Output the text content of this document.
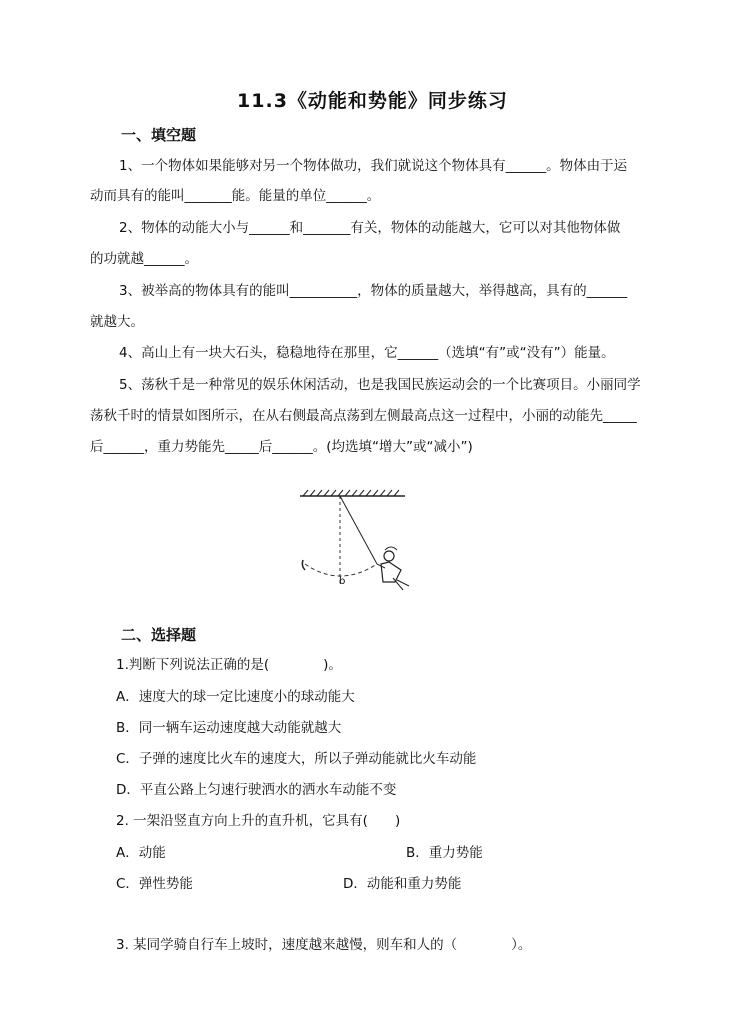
11.3《动能和势能》同步练习
一、填空题
1、一个物体如果能够对另一个物体做功，我们就说这个物体具有______。物体由于运
动而具有的能叫_______能。能量的单位______。
2、物体的动能大小与______和_______有关，物体的动能越大，它可以对其他物体做
的功就越______。
3、被举高的物体具有的能叫__________，物体的质量越大，举得越高，具有的______
就越大。
4、高山上有一块大石头，稳稳地待在那里，它______（选填“有”或“没有”）能量。
5、荡秋千是一种常见的娱乐休闲活动，也是我国民族运动会的一个比赛项目。小丽同学
荡秋千时的情景如图所示，在从右侧最高点荡到左侧最高点这一过程中，小丽的动能先_____
后______，重力势能先_____后______。(均选填“增大”或“减小”)
b
二、选择题
1.判断下列说法正确的是(　　　　)。
A．速度大的球一定比速度小的球动能大
B．同一辆车运动速度越大动能就越大
C．子弹的速度比火车的速度大，所以子弹动能就比火车动能
D．平直公路上匀速行驶洒水的洒水车动能不变
2. 一架沿竖直方向上升的直升机，它具有(　　)
A．动能	B．重力势能
C．弹性势能	D．动能和重力势能
3. 某同学骑自行车上坡时，速度越来越慢，则车和人的（　　　　）。
